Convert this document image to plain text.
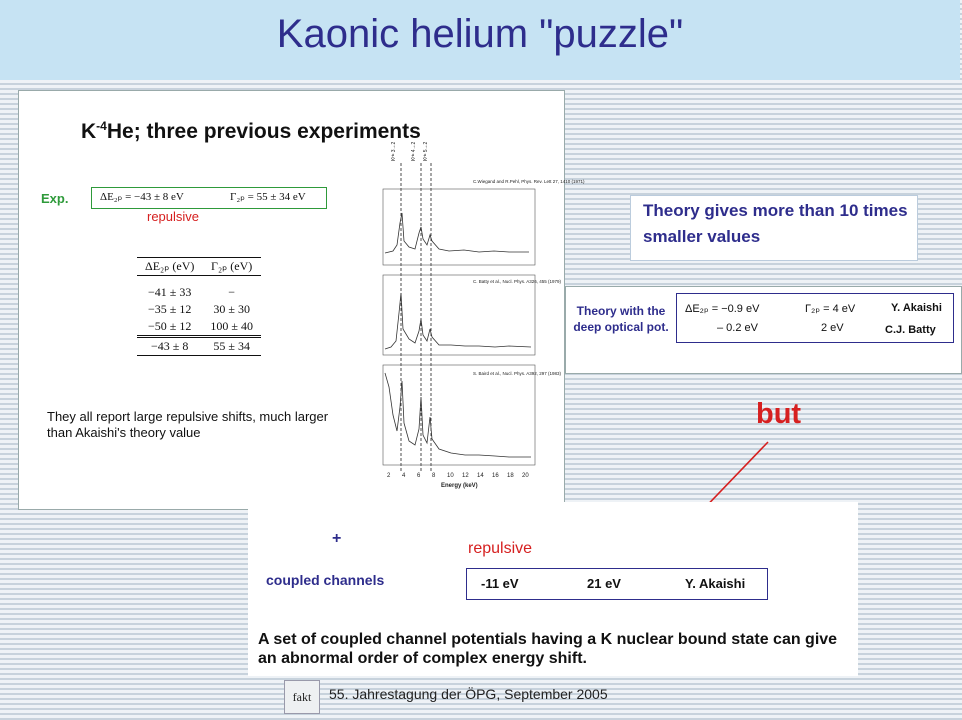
Kaonic helium "puzzle"
$K^{-4}He$; three previous experiments
Exp.	ΔE₂ₚ = −43 ± 8 eV	Γ₂ₚ = 55 ± 34 eV
repulsive
ΔE₂ₚ (eV)	Γ₂ₚ (eV)

−41 ± 33	−
−35 ± 12	30 ± 30
−50 ± 12	100 ± 40
−43 ± 8	55 ± 34
They all report large repulsive shifts, much larger than Akaishi's theory value
Kᴴᵉ 3→2	Kᴴᵉ 4→2 Kᴴᵉ 5→2
C.Wiegand and R.Pehl, Phys. Rev. Lett 27, 1410 (1971)
C. Batty et al., Nucl. Phys. A326, 455 (1979)
S. Baird et al., Nucl. Phys. A392, 297 (1983)
2 4 6 8 10 12 14 16 18 20
Energy (keV)
Theory gives more than 10 times smaller values
Theory with the deep optical pot.
ΔE₂ₚ = −0.9 eV	Γ₂ₚ = 4 eV	Y. Akaishi
– 0.2 eV	2 eV	C.J. Batty
but
+
coupled channels
repulsive
-11 eV	21 eV	Y. Akaishi
A set of coupled channel potentials having a K nuclear bound state can give an abnormal order of complex energy shift.
fakt	55. Jahrestagung der ÖPG, September 2005
